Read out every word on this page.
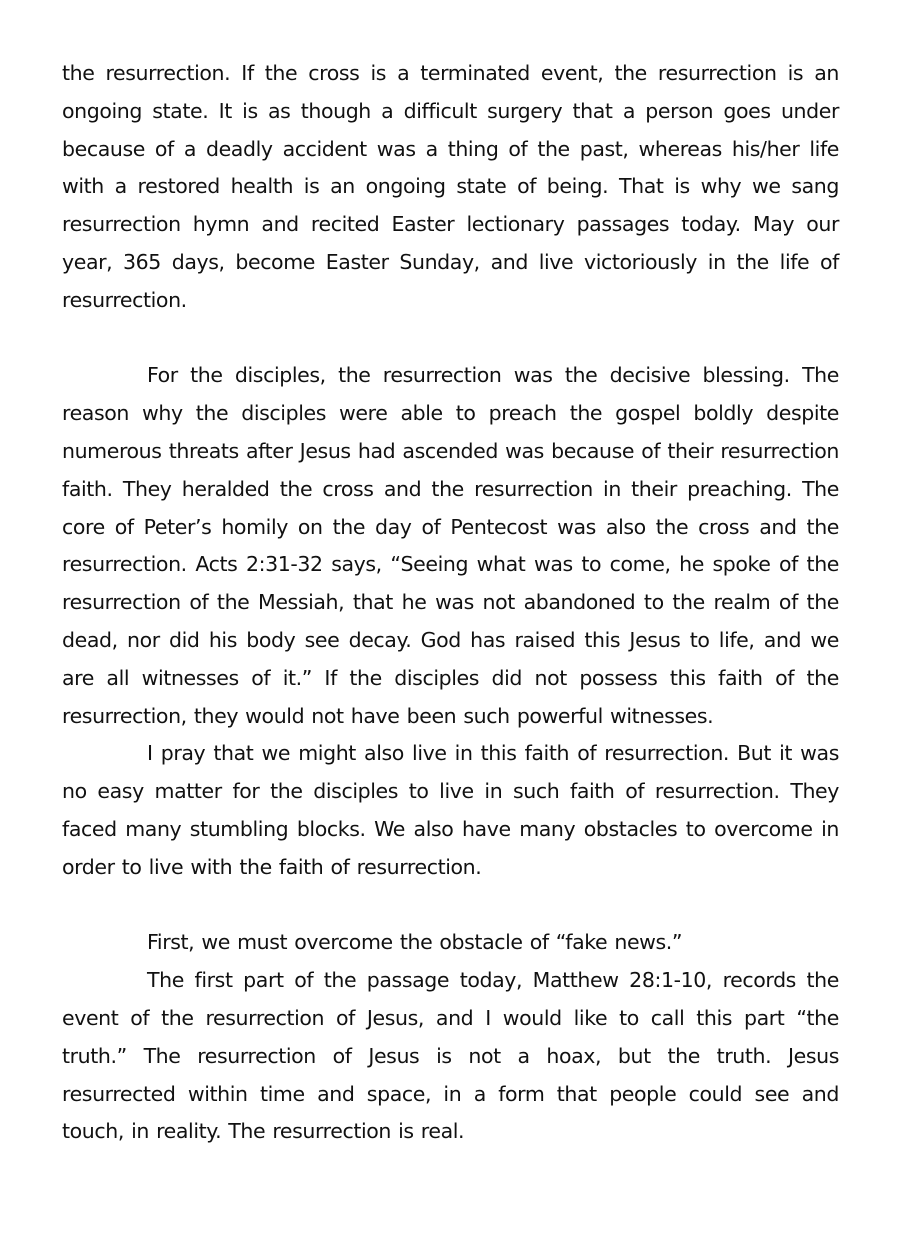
the resurrection. If the cross is a terminated event, the resurrection is an ongoing state. It is as though a difficult surgery that a person goes under because of a deadly accident was a thing of the past, whereas his/her life with a restored health is an ongoing state of being. That is why we sang resurrection hymn and recited Easter lectionary passages today. May our year, 365 days, become Easter Sunday, and live victoriously in the life of resurrection.

For the disciples, the resurrection was the decisive blessing. The reason why the disciples were able to preach the gospel boldly despite numerous threats after Jesus had ascended was because of their resurrection faith. They heralded the cross and the resurrection in their preaching. The core of Peter’s homily on the day of Pentecost was also the cross and the resurrection. Acts 2:31-32 says, “Seeing what was to come, he spoke of the resurrection of the Messiah, that he was not abandoned to the realm of the dead, nor did his body see decay. God has raised this Jesus to life, and we are all witnesses of it.” If the disciples did not possess this faith of the resurrection, they would not have been such powerful witnesses.

I pray that we might also live in this faith of resurrection. But it was no easy matter for the disciples to live in such faith of resurrection. They faced many stumbling blocks. We also have many obstacles to overcome in order to live with the faith of resurrection.

First, we must overcome the obstacle of “fake news.”

The first part of the passage today, Matthew 28:1-10, records the event of the resurrection of Jesus, and I would like to call this part “the truth.” The resurrection of Jesus is not a hoax, but the truth. Jesus resurrected within time and space, in a form that people could see and touch, in reality. The resurrection is real.
